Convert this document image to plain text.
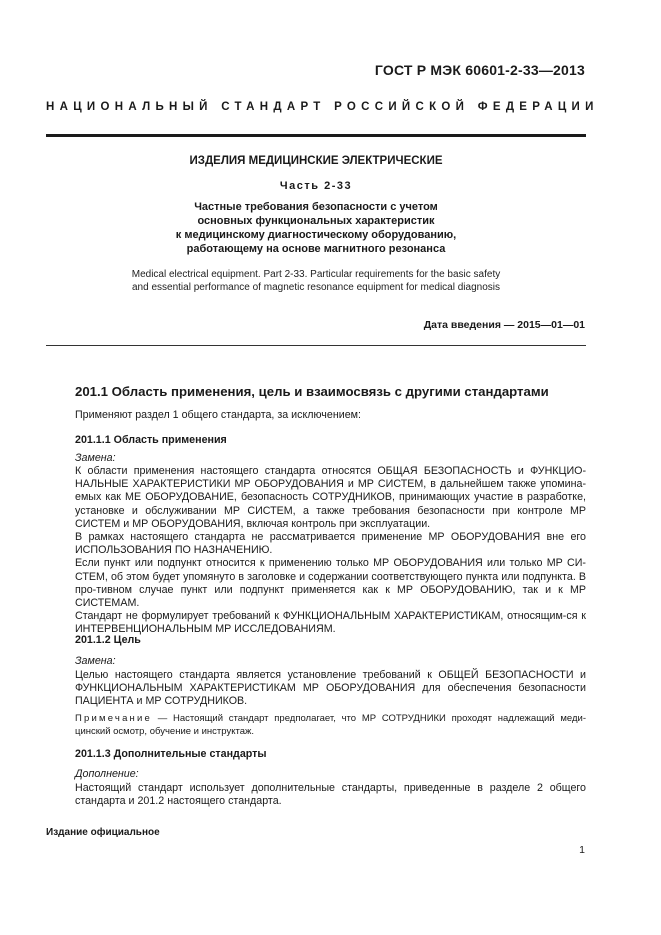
ГОСТ Р МЭК 60601-2-33—2013
НАЦИОНАЛЬНЫЙ СТАНДАРТ РОССИЙСКОЙ ФЕДЕРАЦИИ
ИЗДЕЛИЯ МЕДИЦИНСКИЕ ЭЛЕКТРИЧЕСКИЕ
Часть 2-33
Частные требования безопасности с учетом
основных функциональных характеристик
к медицинскому диагностическому оборудованию,
работающему на основе магнитного резонанса
Medical electrical equipment. Part 2-33. Particular requirements for the basic safety
and essential performance of magnetic resonance equipment for medical diagnosis
Дата введения — 2015—01—01
201.1 Область применения, цель и взаимосвязь с другими стандартами
Применяют раздел 1 общего стандарта, за исключением:
201.1.1 Область применения
Замена:

К области применения настоящего стандарта относятся ОБЩАЯ БЕЗОПАСНОСТЬ и ФУНКЦИО-НАЛЬНЫЕ ХАРАКТЕРИСТИКИ МР ОБОРУДОВАНИЯ и МР СИСТЕМ, в дальнейшем также упомина-емых как МЕ ОБОРУДОВАНИЕ, безопасность СОТРУДНИКОВ, принимающих участие в разработке, установке и обслуживании МР СИСТЕМ, а также требования безопасности при контроле МР СИСТЕМ и МР ОБОРУДОВАНИЯ, включая контроль при эксплуатации.

В рамках настоящего стандарта не рассматривается применение МР ОБОРУДОВАНИЯ вне его ИСПОЛЬЗОВАНИЯ ПО НАЗНАЧЕНИЮ.

Если пункт или подпункт относится к применению только МР ОБОРУДОВАНИЯ или только МР СИ-СТЕМ, об этом будет упомянуто в заголовке и содержании соответствующего пункта или подпункта. В про-тивном случае пункт или подпункт применяется как к МР ОБОРУДОВАНИЮ, так и к МР СИСТЕМАМ.

Стандарт не формулирует требований к ФУНКЦИОНАЛЬНЫМ ХАРАКТЕРИСТИКАМ, относящим-ся к ИНТЕРВЕНЦИОНАЛЬНЫМ МР ИССЛЕДОВАНИЯМ.

201.1.2 Цель
Замена:

Целью настоящего стандарта является установление требований к ОБЩЕЙ БЕЗОПАСНОСТИ и ФУНКЦИОНАЛЬНЫМ ХАРАКТЕРИСТИКАМ МР ОБОРУДОВАНИЯ для обеспечения безопасности ПАЦИЕНТА и МР СОТРУДНИКОВ.

Примечание — Настоящий стандарт предполагает, что МР СОТРУДНИКИ проходят надлежащий меди-цинский осмотр, обучение и инструктаж.

201.1.3 Дополнительные стандарты
Дополнение:

Настоящий стандарт использует дополнительные стандарты, приведенные в разделе 2 общего стандарта и 201.2 настоящего стандарта.

Издание официальное
1
